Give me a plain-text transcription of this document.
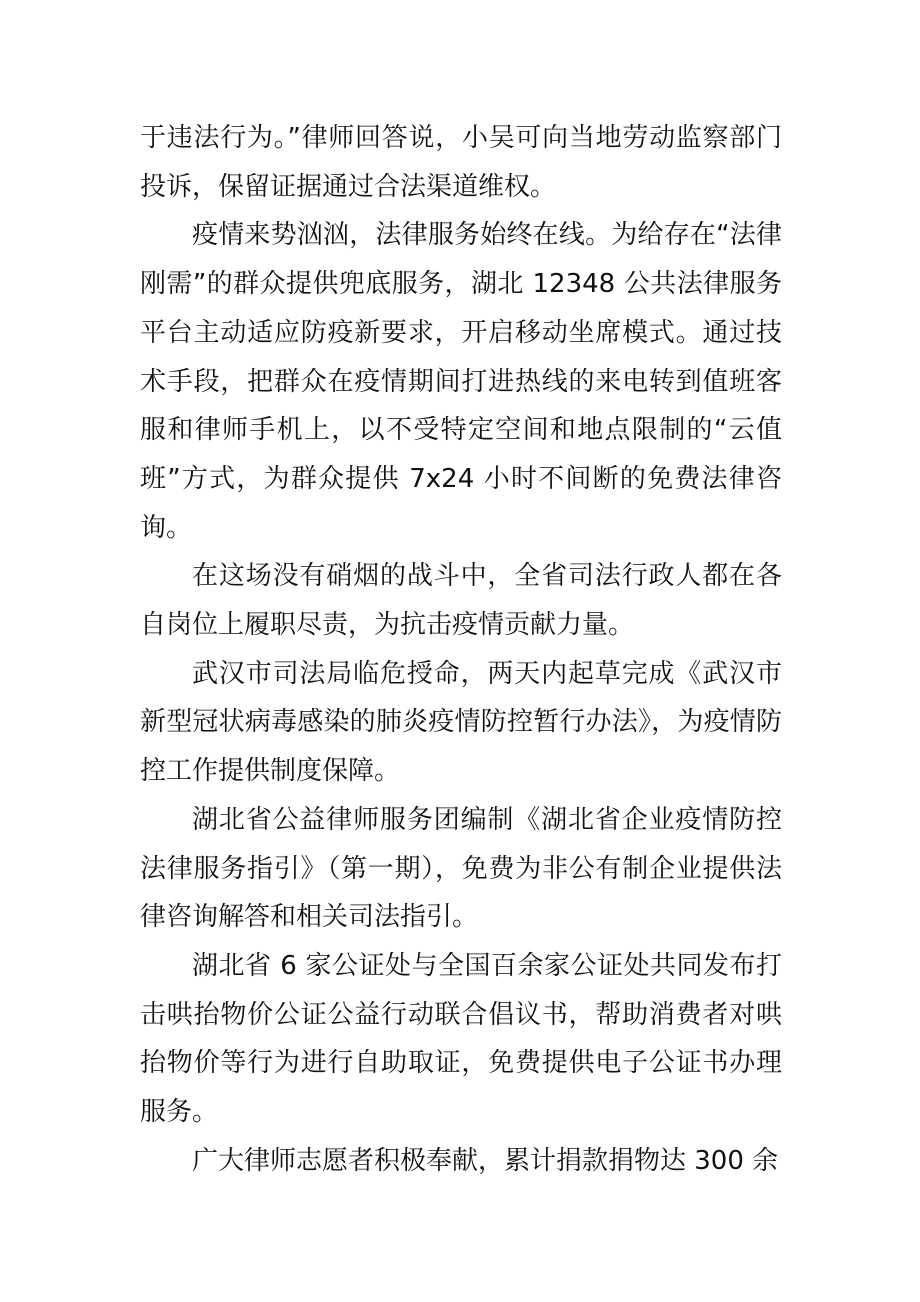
于违法行为。”律师回答说，小吴可向当地劳动监察部门投诉，保留证据通过合法渠道维权。

疫情来势汹汹，法律服务始终在线。为给存在“法律刚需”的群众提供兜底服务，湖北 12348 公共法律服务平台主动适应防疫新要求，开启移动坐席模式。通过技术手段，把群众在疫情期间打进热线的来电转到值班客服和律师手机上，以不受特定空间和地点限制的“云值班”方式，为群众提供 7x24 小时不间断的免费法律咨询。

在这场没有硝烟的战斗中，全省司法行政人都在各自岗位上履职尽责，为抗击疫情贡献力量。

武汉市司法局临危授命，两天内起草完成《武汉市新型冠状病毒感染的肺炎疫情防控暂行办法》，为疫情防控工作提供制度保障。

湖北省公益律师服务团编制《湖北省企业疫情防控法律服务指引》（第一期），免费为非公有制企业提供法律咨询解答和相关司法指引。

湖北省 6 家公证处与全国百余家公证处共同发布打击哄抬物价公证公益行动联合倡议书，帮助消费者对哄抬物价等行为进行自助取证，免费提供电子公证书办理服务。

广大律师志愿者积极奉献，累计捐款捐物达 300 余
